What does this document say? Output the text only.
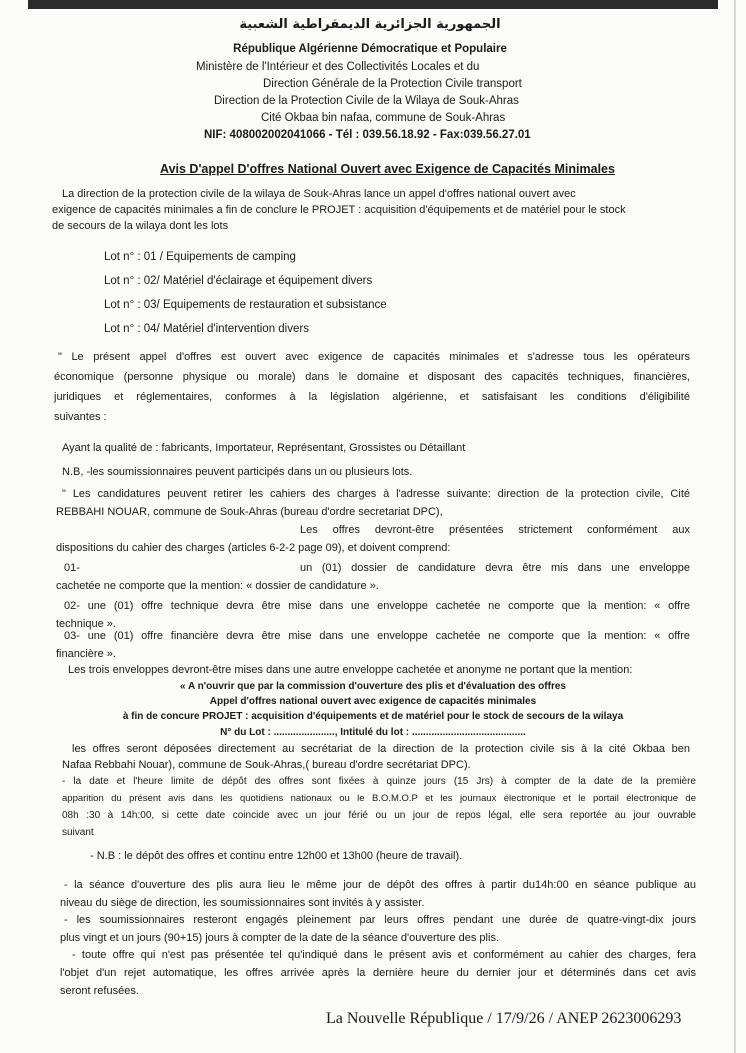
الجمهورية الجزائرية الديمقراطية الشعبية
République Algérienne Démocratique et Populaire
Ministère de l'Intérieur et des Collectivités Locales et du
Direction Générale de la Protection Civile transport
Direction de la Protection Civile de la Wilaya de Souk-Ahras
Cité Okbaa bin nafaa, commune de Souk-Ahras
NIF: 408002002041066 - Tél : 039.56.18.92 - Fax:039.56.27.01
Avis D'appel D'offres National Ouvert avec Exigence de Capacités Minimales
La direction de la protection civile de la wilaya de Souk-Ahras lance un appel d'offres national ouvert avec
exigence de capacités minimales a fin de conclure le PROJET : acquisition d'équipements et de matériel pour le stock
de secours de la wilaya dont les lots
Lot n° : 01 / Equipements de camping
Lot n° : 02/ Matériel d'éclairage et équipement divers
Lot n° : 03/ Equipements de restauration et subsistance
Lot n° : 04/ Matériel d'intervention divers
" Le présent appel d'offres est ouvert avec exigence de capacités minimales et s'adresse tous les opérateurs
économique (personne physique ou morale) dans le domaine et disposant des capacités techniques, financières,
juridiques et réglementaires, conformes à la législation algérienne, et satisfaisant les conditions d'éligibilité
suivantes :
Ayant la qualité de : fabricants, Importateur, Représentant, Grossistes ou Détaillant
N.B, -les soumissionnaires peuvent participés dans un ou plusieurs lots.
" Les candidatures peuvent retirer les cahiers des charges à l'adresse suivante: direction de la protection civile, Cité
REBBAHI NOUAR, commune de Souk-Ahras (bureau d'ordre secretariat DPC),
Les offres devront-être présentées strictement conformément aux
dispositions du cahier des charges (articles 6-2-2 page 09), et doivent comprend:
01-	un (01) dossier de candidature devra être mis dans une enveloppe
cachetée ne comporte que la mention: « dossier de candidature ».
02- une (01) offre technique devra être mise dans une enveloppe cachetée ne comporte que la mention: « offre
technique ».
03- une (01) offre financière devra être mise dans une enveloppe cachetée ne comporte que la mention: « offre
financière ».
Les trois enveloppes devront-être mises dans une autre enveloppe cachetée et anonyme ne portant que la mention:
« A n'ouvrir que par la commission d'ouverture des plis et d'évaluation des offres
Appel d'offres national ouvert avec exigence de capacités minimales
à fin de concure PROJET : acquisition d'équipements et de matériel pour le stock de secours de la wilaya
N° du Lot : ......................, Intitulé du lot : .........................................
les offres seront déposées directement au secrétariat de la direction de la protection civile sis à la cité Okbaa ben
Nafaa Rebbahi Nouar), commune de Souk-Ahras,( bureau d'ordre secrétariat DPC).
- la date et l'heure limite de dépôt des offres sont fixées à quinze jours (15 Jrs) à compter de la date de la première
apparition du présent avis dans les quotidiens nationaux ou le B.O.M.O.P et les journaux électronique et le portail électronique de
08h :30 à 14h:00, si cette date coincide avec un jour férié ou un jour de repos légal, elle sera reportée au jour ouvrable
suivant
- N.B : le dépôt des offres et continu entre 12h00 et 13h00 (heure de travail).
- la séance d'ouverture des plis aura lieu le même jour de dépôt des offres à partir du14h:00 en séance publique au
niveau du siège de direction, les soumissionnaires sont invités à y assister.
- les soumissionnaires resteront engagés pleinement par leurs offres pendant une durée de quatre-vingt-dix jours
plus vingt et un jours (90+15) jours à compter de la date de la séance d'ouverture des plis.
- toute offre qui n'est pas présentée tel qu'indiqué dans le présent avis et conformément au cahier des charges, fera
l'objet d'un rejet automatique, les offres arrivée après la dernière heure du dernier jour et déterminés dans cet avis
seront refusées.
La Nouvelle République / 17/9/26 / ANEP 2623006293
